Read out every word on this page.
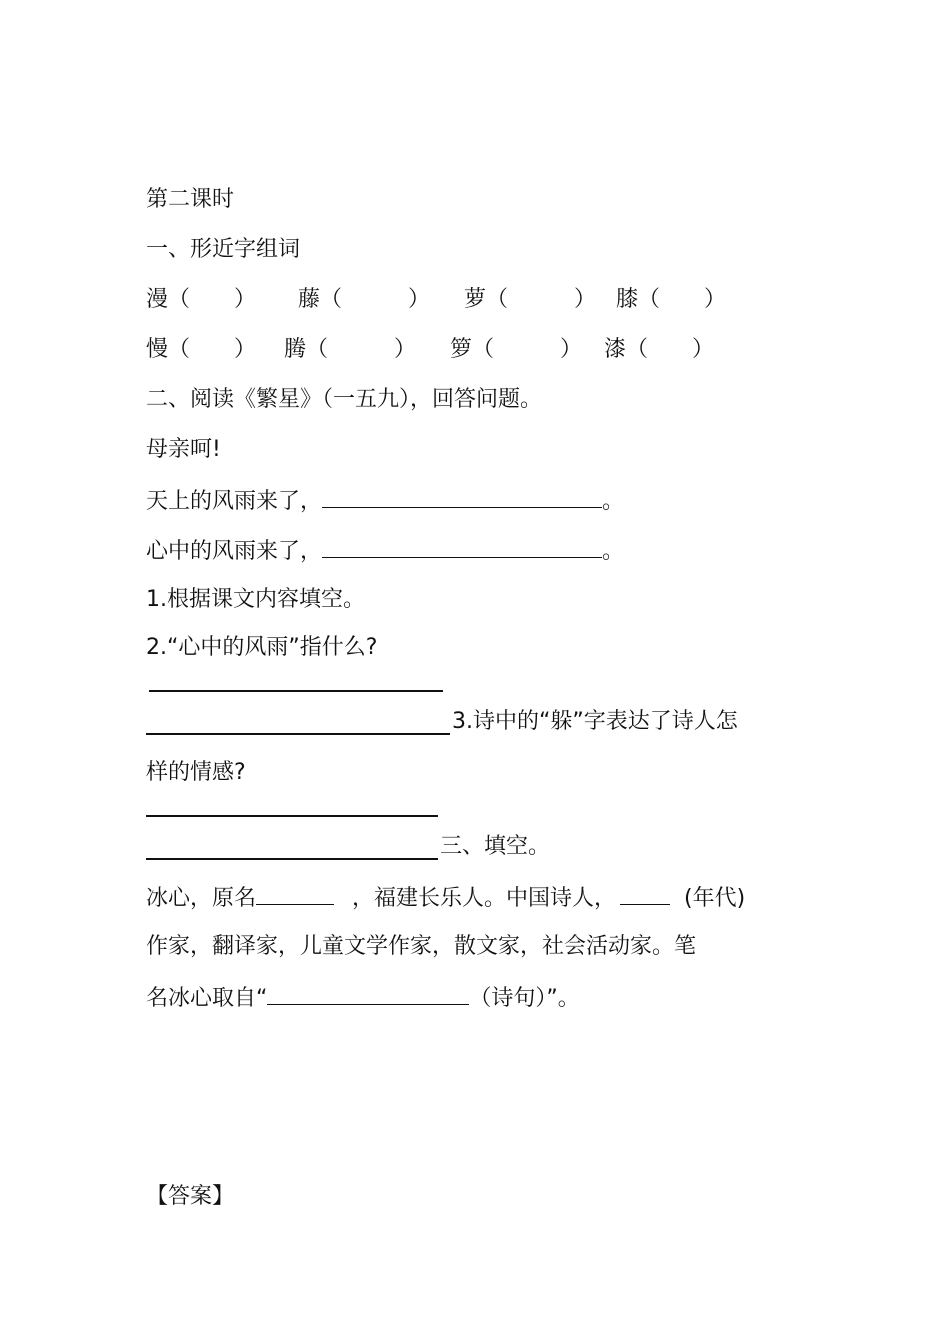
第二课时
一、形近字组词
漫（　　） 藤（　　　） 萝（　　　） 膝（　　）
慢（　　） 腾（　　　） 箩（　　　） 漆（　　）
二、阅读《繁星》（一五九），回答问题。
母亲呵!
天上的风雨来了，	。
心中的风雨来了，	。
1.根据课文内容填空。
2.“心中的风雨”指什么?
3.诗中的“躲”字表达了诗人怎
样的情感?
三、填空。
冰心，原名	，福建长乐人。中国诗人，	(年代)
作家，翻译家，儿童文学作家，散文家，社会活动家。笔
名冰心取自“	（诗句）”。
【答案】
